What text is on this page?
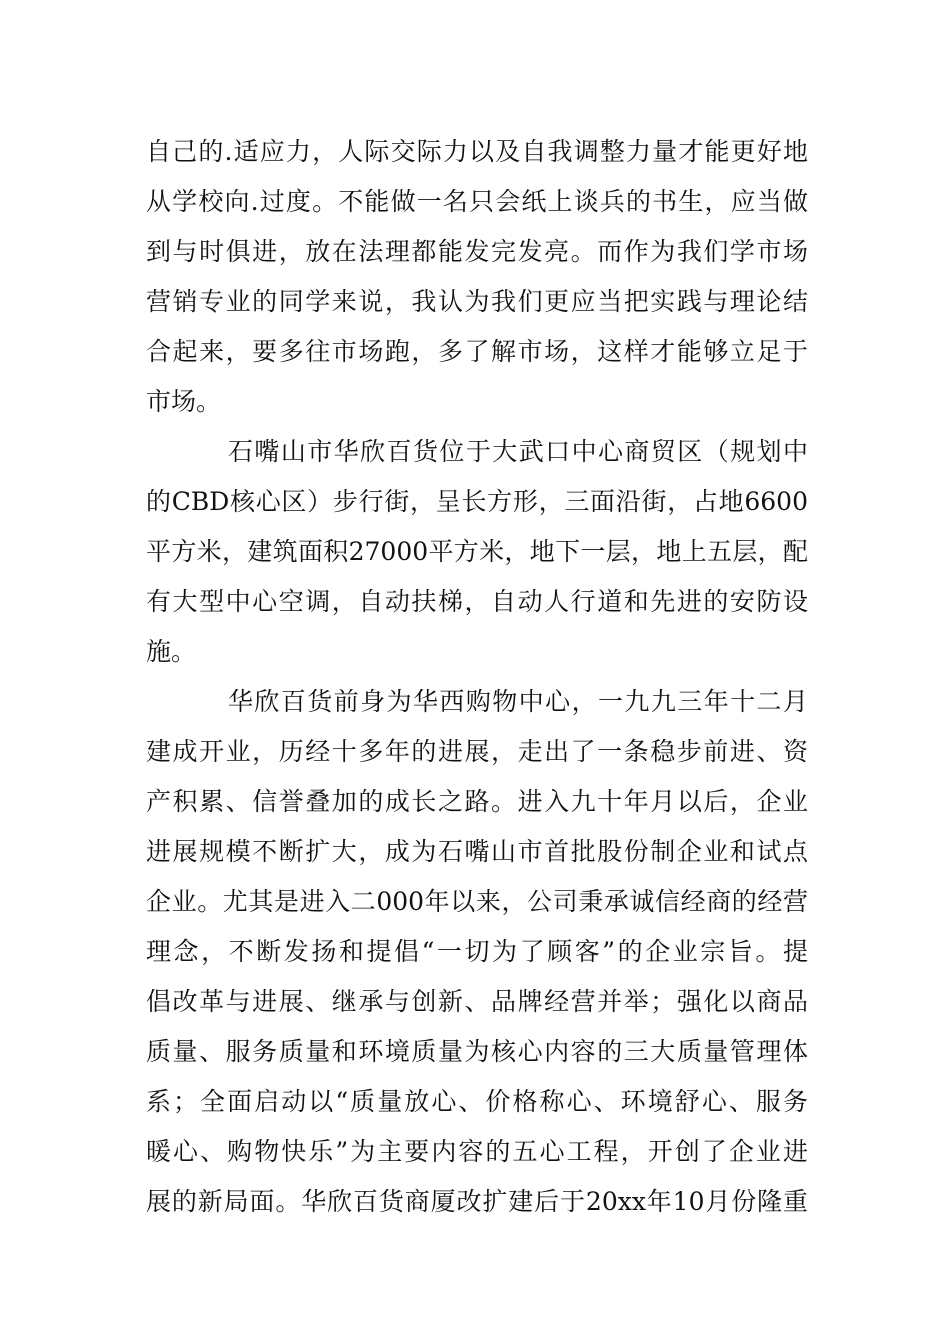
自己的.适应力，人际交际力以及自我调整力量才能更好地
从学校向.过度。不能做一名只会纸上谈兵的书生，应当做
到与时俱进，放在法理都能发完发亮。而作为我们学市场
营销专业的同学来说，我认为我们更应当把实践与理论结
合起来，要多往市场跑，多了解市场，这样才能够立足于
市场。
石嘴山市华欣百货位于大武口中心商贸区（规划中
的CBD核心区）步行街，呈长方形，三面沿街，占地6600
平方米，建筑面积27000平方米，地下一层，地上五层，配
有大型中心空调，自动扶梯，自动人行道和先进的安防设
施。
华欣百货前身为华西购物中心，一九九三年十二月
建成开业，历经十多年的进展，走出了一条稳步前进、资
产积累、信誉叠加的成长之路。进入九十年月以后，企业
进展规模不断扩大，成为石嘴山市首批股份制企业和试点
企业。尤其是进入二000年以来，公司秉承诚信经商的经营
理念，不断发扬和提倡“一切为了顾客”的企业宗旨。提
倡改革与进展、继承与创新、品牌经营并举；强化以商品
质量、服务质量和环境质量为核心内容的三大质量管理体
系；全面启动以“质量放心、价格称心、环境舒心、服务
暖心、购物快乐”为主要内容的五心工程，开创了企业进
展的新局面。华欣百货商厦改扩建后于20xx年10月份隆重
